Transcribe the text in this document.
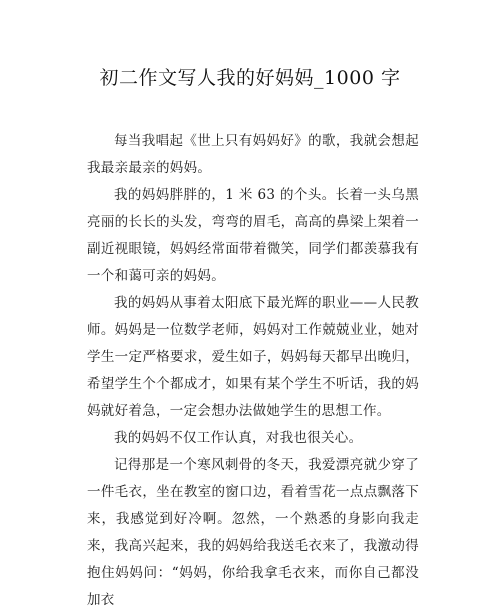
初二作文写人我的好妈妈_1000 字

每当我唱起《世上只有妈妈好》的歌，我就会想起我最亲最亲的妈妈。

我的妈妈胖胖的，1 米 63 的个头。长着一头乌黑亮丽的长长的头发，弯弯的眉毛，高高的鼻梁上架着一副近视眼镜，妈妈经常面带着微笑，同学们都羡慕我有一个和蔼可亲的妈妈。

我的妈妈从事着太阳底下最光辉的职业——人民教师。妈妈是一位数学老师，妈妈对工作兢兢业业，她对学生一定严格要求，爱生如子，妈妈每天都早出晚归，希望学生个个都成才，如果有某个学生不听话，我的妈妈就好着急，一定会想办法做她学生的思想工作。

我的妈妈不仅工作认真，对我也很关心。

记得那是一个寒风刺骨的冬天，我爱漂亮就少穿了一件毛衣，坐在教室的窗口边，看着雪花一点点飘落下来，我感觉到好冷啊。忽然，一个熟悉的身影向我走来，我高兴起来，我的妈妈给我送毛衣来了，我激动得抱住妈妈问：“妈妈，你给我拿毛衣来，而你自己都没加衣
